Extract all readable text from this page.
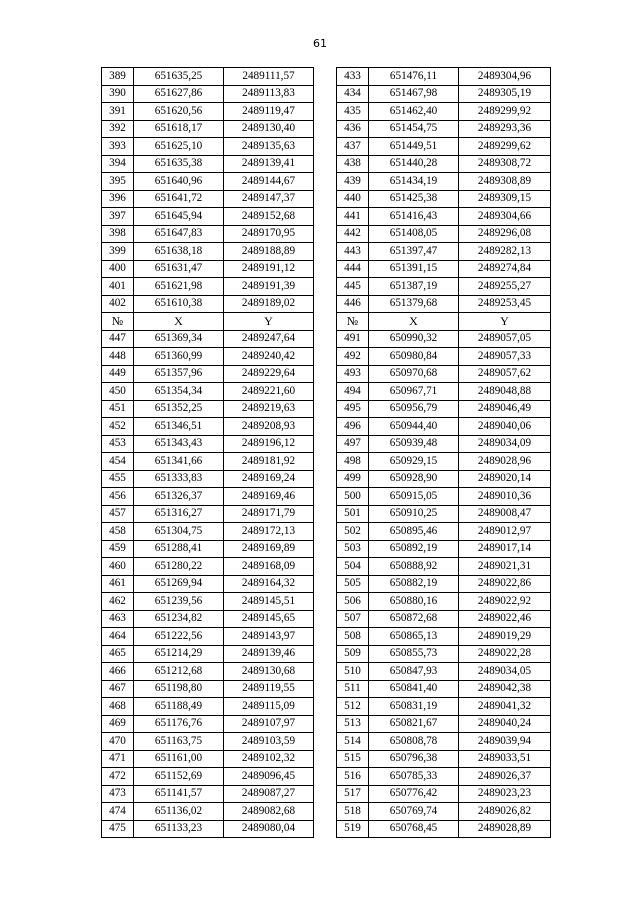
61
389	651635,25	2489111,57		433	651476,11	2489304,96
390	651627,86	2489113,83		434	651467,98	2489305,19
391	651620,56	2489119,47		435	651462,40	2489299,92
392	651618,17	2489130,40		436	651454,75	2489293,36
393	651625,10	2489135,63		437	651449,51	2489299,62
394	651635,38	2489139,41		438	651440,28	2489308,72
395	651640,96	2489144,67		439	651434,19	2489308,89
396	651641,72	2489147,37		440	651425,38	2489309,15
397	651645,94	2489152,68		441	651416,43	2489304,66
398	651647,83	2489170,95		442	651408,05	2489296,08
399	651638,18	2489188,89		443	651397,47	2489282,13
400	651631,47	2489191,12		444	651391,15	2489274,84
401	651621,98	2489191,39		445	651387,19	2489255,27
402	651610,38	2489189,02		446	651379,68	2489253,45
№	X	Y		№	X	Y
447	651369,34	2489247,64		491	650990,32	2489057,05
448	651360,99	2489240,42		492	650980,84	2489057,33
449	651357,96	2489229,64		493	650970,68	2489057,62
450	651354,34	2489221,60		494	650967,71	2489048,88
451	651352,25	2489219,63		495	650956,79	2489046,49
452	651346,51	2489208,93		496	650944,40	2489040,06
453	651343,43	2489196,12		497	650939,48	2489034,09
454	651341,66	2489181,92		498	650929,15	2489028,96
455	651333,83	2489169,24		499	650928,90	2489020,14
456	651326,37	2489169,46		500	650915,05	2489010,36
457	651316,27	2489171,79		501	650910,25	2489008,47
458	651304,75	2489172,13		502	650895,46	2489012,97
459	651288,41	2489169,89		503	650892,19	2489017,14
460	651280,22	2489168,09		504	650888,92	2489021,31
461	651269,94	2489164,32		505	650882,19	2489022,86
462	651239,56	2489145,51		506	650880,16	2489022,92
463	651234,82	2489145,65		507	650872,68	2489022,46
464	651222,56	2489143,97		508	650865,13	2489019,29
465	651214,29	2489139,46		509	650855,73	2489022,28
466	651212,68	2489130,68		510	650847,93	2489034,05
467	651198,80	2489119,55		511	650841,40	2489042,38
468	651188,49	2489115,09		512	650831,19	2489041,32
469	651176,76	2489107,97		513	650821,67	2489040,24
470	651163,75	2489103,59		514	650808,78	2489039,94
471	651161,00	2489102,32		515	650796,38	2489033,51
472	651152,69	2489096,45		516	650785,33	2489026,37
473	651141,57	2489087,27		517	650776,42	2489023,23
474	651136,02	2489082,68		518	650769,74	2489026,82
475	651133,23	2489080,04		519	650768,45	2489028,89
